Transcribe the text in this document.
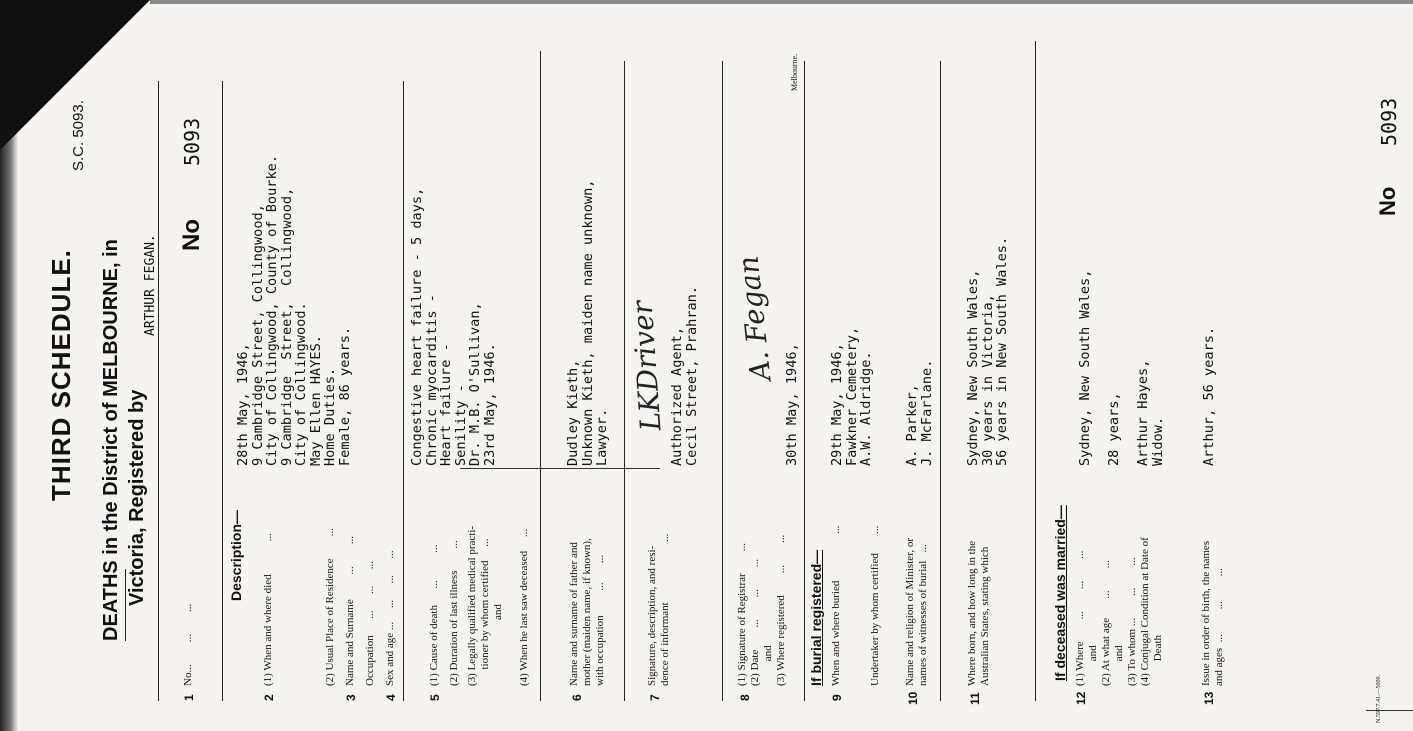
THIRD SCHEDULE.
S.C. 5093.
DEATHS in the District of MELBOURNE, in Victoria, Registered by
ARTHUR FEGAN. No
5093
1
No...        ...        ...
Description—
2
(1) When and where died            ...	(2) Usual Place of Residence        ...
3
Name and Surname         ...        ... Occupation      ...      ...      ...
4
Sex and age ...     ...      ...      ...
28th May, 1946,
9 Cambridge Street, Collingwood,
City of Collingwood, County of Bourke.
9 Cambridge  Street,  Collingwood,
City of Collingwood.
May Ellen HAYES.
Home Duties.
Female, 86 years.
5
(1) Cause of death      ...          ... (2) Duration of last illness        ... (3) Legally qualified medical practi-
tioner by whom certified     ...
and (4) When he last saw deceased     ...
Congestive heart failure - 5 days,
Chronic myocarditis -
Heart failure -
Senility -
Dr. M.B. O'Sullivan,
23rd May, 1946.
6
Name and surname of father and
mother (maiden name, if known),
with occupation         ...       ...
Dudley Kieth,
Unknown Kieth, maiden name unknown,
Lawyer.
7
Signature, description, and resi-
dence of informant                      ...
LKDriver Authorized Agent,
Cecil Street, Prahran.
8
(1) Signature of Registrar        ...
(2) Date        ...        ...        ...
and
(3) Where registered        ...        ...
A. Fegan
30th May, 1946,
Melbourne.
If burial registered—
9
When and where buried                 ...

Undertaker by whom certified       ...
29th May, 1946,
Fawkner Cemetery,
A.W. Aldridge.
10
Name and religion of Minister, or
names of witnesses of burial   ...
A. Parker,
J. McFarlane.
11
Where born, and how long in the
Australian States, stating which
Sydney, New South Wales,
30 years in Victoria,
56 years in New South Wales.
If deceased was married—
12
(1) Where        ...        ...        ...
and
(2) At what age       ...        ...
and
(3) To whom ...        ...        ...
(4) Conjugal Condition at Date of
Death
Sydney, New South Wales,

28 years,

Arthur Hayes,
Widow.
13
Issue in order of birth, the names
and ages  ...         ...         ...
Arthur, 56 years.
N.597/7.41.—5000.
No
5093
